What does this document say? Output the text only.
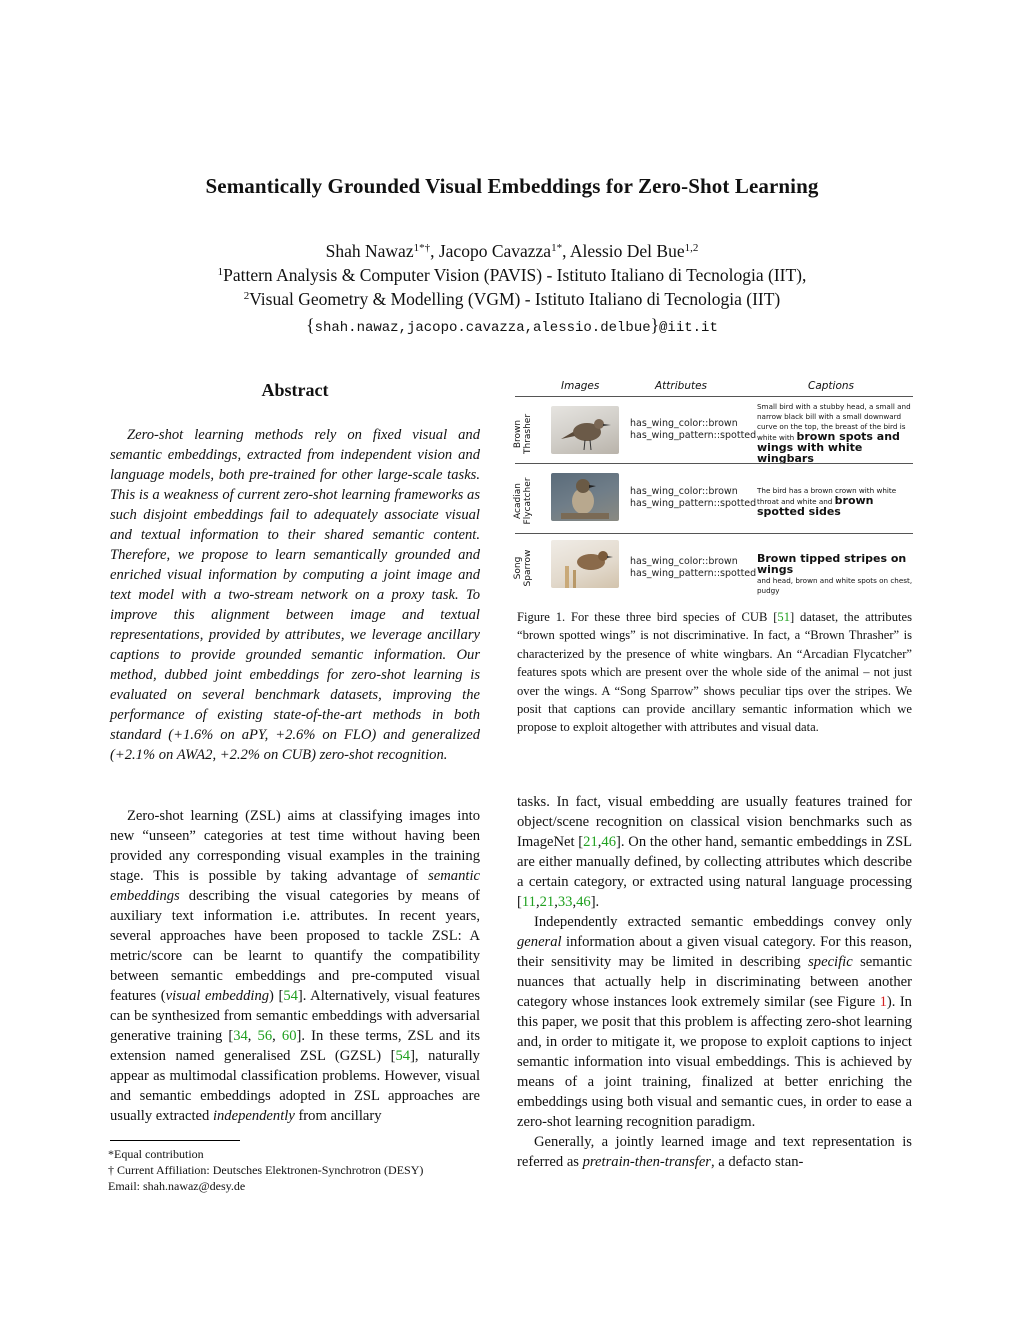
Semantically Grounded Visual Embeddings for Zero-Shot Learning
Shah Nawaz$^{1*\dagger}$, Jacopo Cavazza$^{1*}$, Alessio Del Bue$^{1,2}$
$^1$Pattern Analysis & Computer Vision (PAVIS) - Istituto Italiano di Tecnologia (IIT),
$^2$Visual Geometry & Modelling (VGM) - Istituto Italiano di Tecnologia (IIT)
{shah.nawaz,jacopo.cavazza,alessio.delbue}@iit.it
Abstract

Zero-shot learning methods rely on fixed visual and semantic embeddings, extracted from independent vision and language models, both pre-trained for other large-scale tasks. This is a weakness of current zero-shot learning frameworks as such disjoint embeddings fail to adequately associate visual and textual information to their shared semantic content. Therefore, we propose to learn semantically grounded and enriched visual information by computing a joint image and text model with a two-stream network on a proxy task. To improve this alignment between image and textual representations, provided by attributes, we leverage ancillary captions to provide grounded semantic information. Our method, dubbed joint embeddings for zero-shot learning is evaluated on several benchmark datasets, improving the performance of existing state-of-the-art methods in both standard (+1.6% on aPY, +2.6% on FLO) and generalized (+2.1% on AWA2, +2.2% on CUB) zero-shot recognition.

Zero-shot learning (ZSL) aims at classifying images into new “unseen” categories at test time without having been provided any corresponding visual examples in the training stage. This is possible by taking advantage of semantic embeddings describing the visual categories by means of auxiliary text information i.e. attributes. In recent years, several approaches have been proposed to tackle ZSL: A metric/score can be learnt to quantify the compatibility between semantic embeddings and pre-computed visual features (visual embedding) [54]. Alternatively, visual features can be synthesized from semantic embeddings with adversarial generative training [34, 56, 60]. In these terms, ZSL and its extension named generalised ZSL (GZSL) [54], naturally appear as multimodal classification problems. However, visual and semantic embeddings adopted in ZSL approaches are usually extracted independently from ancillary

*Equal contribution
† Current Affiliation: Deutsches Elektronen-Synchrotron (DESY)
Email: shah.nawaz@desy.de
Images	Attributes	Captions
Brown Thrasher	has_wing_color::brown
has_wing_pattern::spotted
Small bird with a stubby head, a small and narrow black bill with a small downward curve on the top, the breast of the bird is white with brown spots and wings with white wingbars
Acadian Flycatcher	has_wing_color::brown
has_wing_pattern::spotted
The bird has a brown crown with white throat and white and brown spotted sides
Song Sparrow	has_wing_color::brown
has_wing_pattern::spotted
Brown tipped stripes on wings
and head, brown and white spots on chest, pudgy
Figure 1. For these three bird species of CUB [51] dataset, the attributes “brown spotted wings” is not discriminative. In fact, a “Brown Thrasher” is characterized by the presence of white wingbars. An “Arcadian Flycatcher” features spots which are present over the whole side of the animal – not just over the wings. A “Song Sparrow” shows peculiar tips over the stripes. We posit that captions can provide ancillary semantic information which we propose to exploit altogether with attributes and visual data.

tasks. In fact, visual embedding are usually features trained for object/scene recognition on classical vision benchmarks such as ImageNet [21,46]. On the other hand, semantic embeddings in ZSL are either manually defined, by collecting attributes which describe a certain category, or extracted using natural language processing [11,21,33,46].

Independently extracted semantic embeddings convey only general information about a given visual category. For this reason, their sensitivity may be limited in describing specific semantic nuances that actually help in discriminating between another category whose instances look extremely similar (see Figure 1). In this paper, we posit that this problem is affecting zero-shot learning and, in order to mitigate it, we propose to exploit captions to inject semantic information into visual embeddings. This is achieved by means of a joint training, finalized at better enriching the embeddings using both visual and semantic cues, in order to ease a zero-shot learning recognition paradigm.

Generally, a jointly learned image and text representation is referred as pretrain-then-transfer, a defacto stan-
